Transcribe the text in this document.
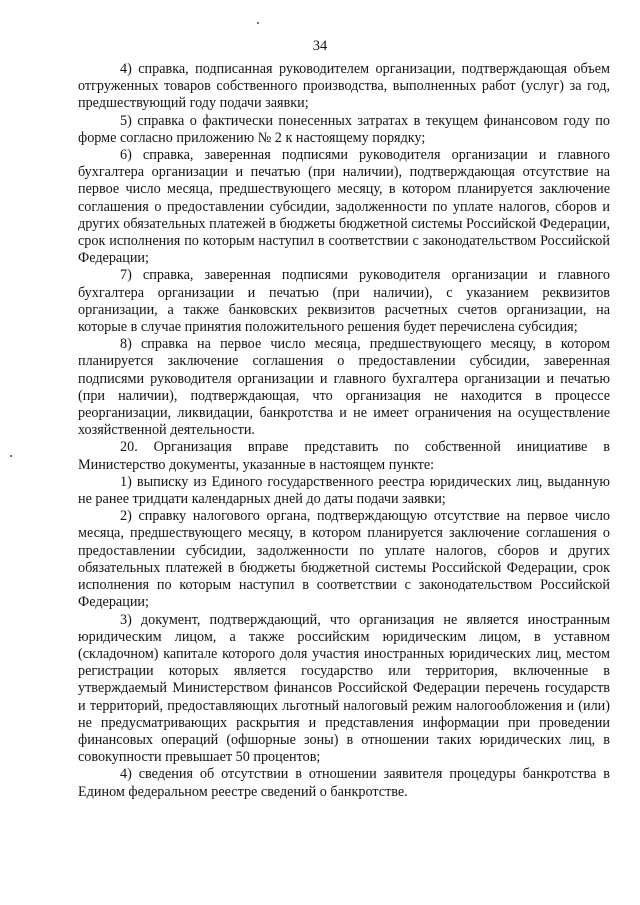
34

4) справка, подписанная руководителем организации, подтверждающая объем отгруженных товаров собственного производства, выполненных работ (услуг) за год, предшествующий году подачи заявки;

5) справка о фактически понесенных затратах в текущем финансовом году по форме согласно приложению № 2 к настоящему порядку;

6) справка, заверенная подписями руководителя организации и главного бухгалтера организации и печатью (при наличии), подтверждающая отсутствие на первое число месяца, предшествующего месяцу, в котором планируется заключение соглашения о предоставлении субсидии, задолженности по уплате налогов, сборов и других обязательных платежей в бюджеты бюджетной системы Российской Федерации, срок исполнения по которым наступил в соответствии с законодательством Российской Федерации;

7) справка, заверенная подписями руководителя организации и главного бухгалтера организации и печатью (при наличии), с указанием реквизитов организации, а также банковских реквизитов расчетных счетов организации, на которые в случае принятия положительного решения будет перечислена субсидия;

8) справка на первое число месяца, предшествующего месяцу, в котором планируется заключение соглашения о предоставлении субсидии, заверенная подписями руководителя организации и главного бухгалтера организации и печатью (при наличии), подтверждающая, что организация не находится в процессе реорганизации, ликвидации, банкротства и не имеет ограничения на осуществление хозяйственной деятельности.

20. Организация вправе представить по собственной инициативе в Министерство документы, указанные в настоящем пункте:

1) выписку из Единого государственного реестра юридических лиц, выданную не ранее тридцати календарных дней до даты подачи заявки;

2) справку налогового органа, подтверждающую отсутствие на первое число месяца, предшествующего месяцу, в котором планируется заключение соглашения о предоставлении субсидии, задолженности по уплате налогов, сборов и других обязательных платежей в бюджеты бюджетной системы Российской Федерации, срок исполнения по которым наступил в соответствии с законодательством Российской Федерации;

3) документ, подтверждающий, что организация не является иностранным юридическим лицом, а также российским юридическим лицом, в уставном (складочном) капитале которого доля участия иностранных юридических лиц, местом регистрации которых является государство или территория, включенные в утверждаемый Министерством финансов Российской Федерации перечень государств и территорий, предоставляющих льготный налоговый режим налогообложения и (или) не предусматривающих раскрытия и представления информации при проведении финансовых операций (офшорные зоны) в отношении таких юридических лиц, в совокупности превышает 50 процентов;

4) сведения об отсутствии в отношении заявителя процедуры банкротства в Едином федеральном реестре сведений о банкротстве.
